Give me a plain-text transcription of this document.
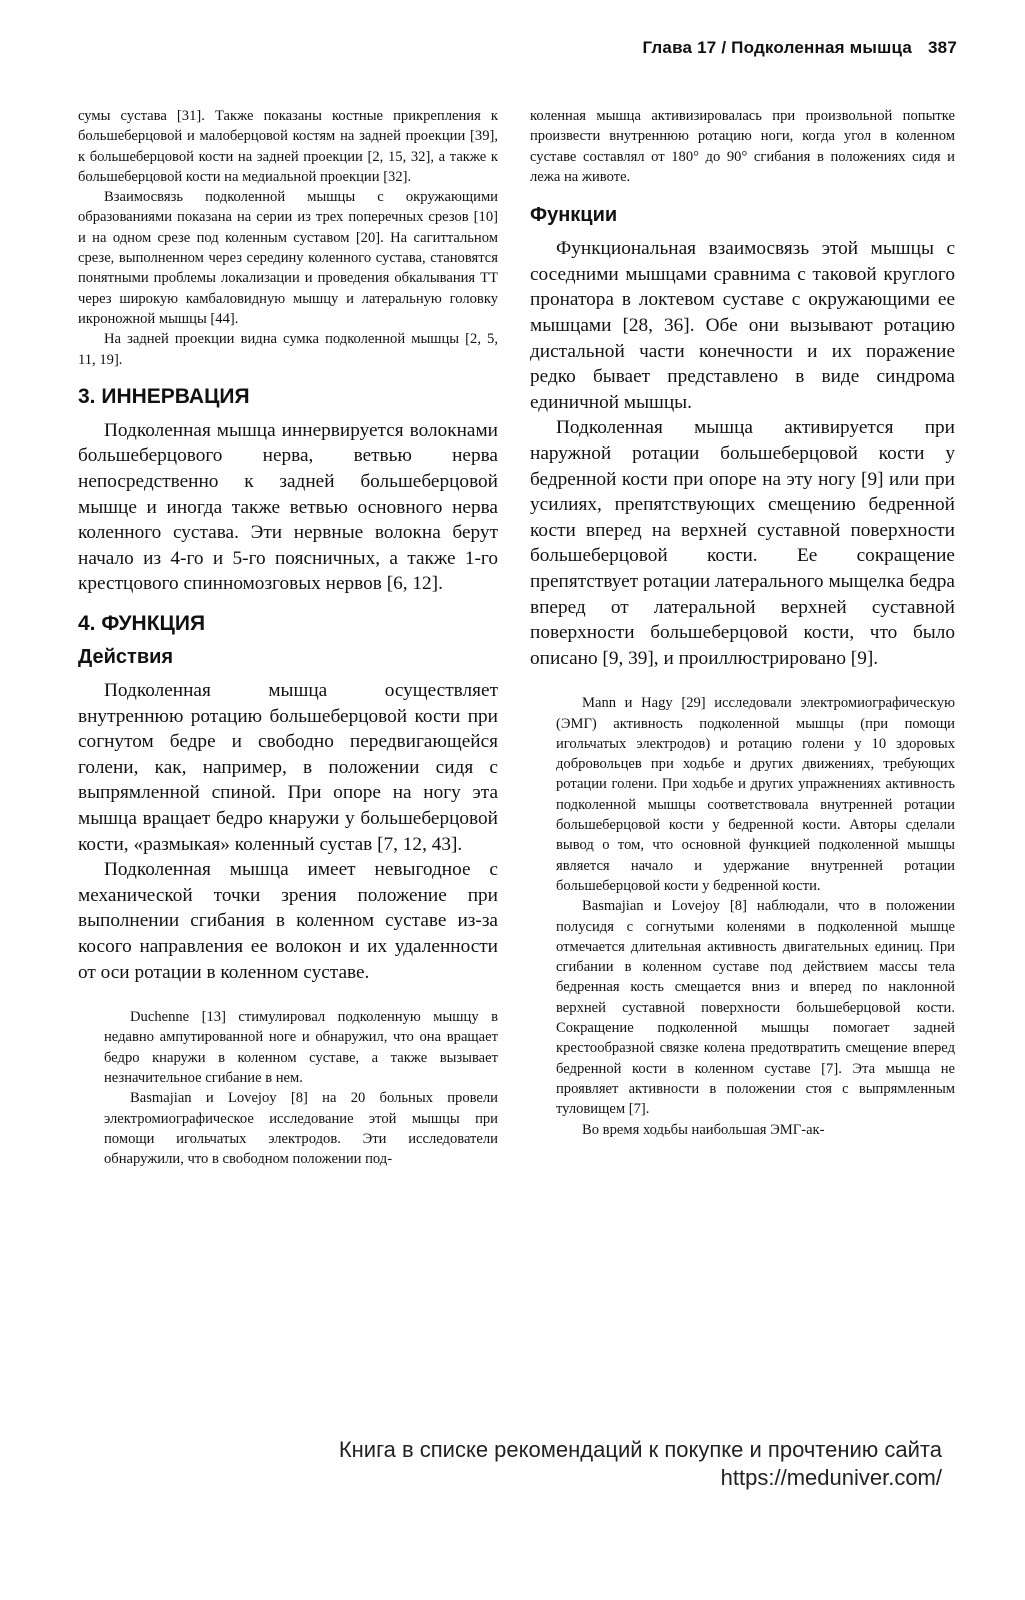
Глава 17 / Подколенная мышца 387

сумы сустава [31]. Также показаны костные прикрепления к большеберцовой и малоберцовой костям на задней проекции [39], к большеберцовой кости на задней проекции [2, 15, 32], а также к большеберцовой кости на медиальной проекции [32].

Взаимосвязь подколенной мышцы с окружающими образованиями показана на серии из трех поперечных срезов [10] и на одном срезе под коленным суставом [20]. На сагиттальном срезе, выполненном через середину коленного сустава, становятся понятными проблемы локализации и проведения обкалывания ТТ через широкую камбаловидную мышцу и латеральную головку икроножной мышцы [44].

На задней проекции видна сумка подколенной мышцы [2, 5, 11, 19].

3. ИННЕРВАЦИЯ

Подколенная мышца иннервируется волокнами большеберцового нерва, ветвью нерва непосредственно к задней большеберцовой мышце и иногда также ветвью основного нерва коленного сустава. Эти нервные волокна берут начало из 4-го и 5-го поясничных, а также 1-го крестцового спинномозговых нервов [6, 12].

4. ФУНКЦИЯ
Действия

Подколенная мышца осуществляет внутреннюю ротацию большеберцовой кости при согнутом бедре и свободно передвигающейся голени, как, например, в положении сидя с выпрямленной спиной. При опоре на ногу эта мышца вращает бедро кнаружи у большеберцовой кости, «размыкая» коленный сустав [7, 12, 43].

Подколенная мышца имеет невыгодное с механической точки зрения положение при выполнении сгибания в коленном суставе из-за косого направления ее волокон и их удаленности от оси ротации в коленном суставе.

Duchenne [13] стимулировал подколенную мышцу в недавно ампутированной ноге и обнаружил, что она вращает бедро кнаружи в коленном суставе, а также вызывает незначительное сгибание в нем.

Basmajian и Lovejoy [8] на 20 больных провели электромиографическое исследование этой мышцы при помощи игольчатых электродов. Эти исследователи обнаружили, что в свободном положении под-

коленная мышца активизировалась при произвольной попытке произвести внутреннюю ротацию ноги, когда угол в коленном суставе составлял от 180° до 90° сгибания в положениях сидя и лежа на животе.

Функции

Функциональная взаимосвязь этой мышцы с соседними мышцами сравнима с таковой круглого пронатора в локтевом суставе с окружающими ее мышцами [28, 36]. Обе они вызывают ротацию дистальной части конечности и их поражение редко бывает представлено в виде синдрома единичной мышцы.

Подколенная мышца активируется при наружной ротации большеберцовой кости у бедренной кости при опоре на эту ногу [9] или при усилиях, препятствующих смещению бедренной кости вперед на верхней суставной поверхности большеберцовой кости. Ее сокращение препятствует ротации латерального мыщелка бедра вперед от латеральной верхней суставной поверхности большеберцовой кости, что было описано [9, 39], и проиллюстрировано [9].

Mann и Hagy [29] исследовали электромиографическую (ЭМГ) активность подколенной мышцы (при помощи игольчатых электродов) и ротацию голени у 10 здоровых добровольцев при ходьбе и других движениях, требующих ротации голени. При ходьбе и других упражнениях активность подколенной мышцы соответствовала внутренней ротации большеберцовой кости у бедренной кости. Авторы сделали вывод о том, что основной функцией подколенной мышцы является начало и удержание внутренней ротации большеберцовой кости у бедренной кости.

Basmajian и Lovejoy [8] наблюдали, что в положении полусидя с согнутыми коленями в подколенной мышце отмечается длительная активность двигательных единиц. При сгибании в коленном суставе под действием массы тела бедренная кость смещается вниз и вперед по наклонной верхней суставной поверхности большеберцовой кости. Сокращение подколенной мышцы помогает задней крестообразной связке колена предотвратить смещение вперед бедренной кости в коленном суставе [7]. Эта мышца не проявляет активности в положении стоя с выпрямленным туловищем [7].

Во время ходьбы наибольшая ЭМГ-ак-

Книга в списке рекомендаций к покупке и прочтению сайта https://meduniver.com/
